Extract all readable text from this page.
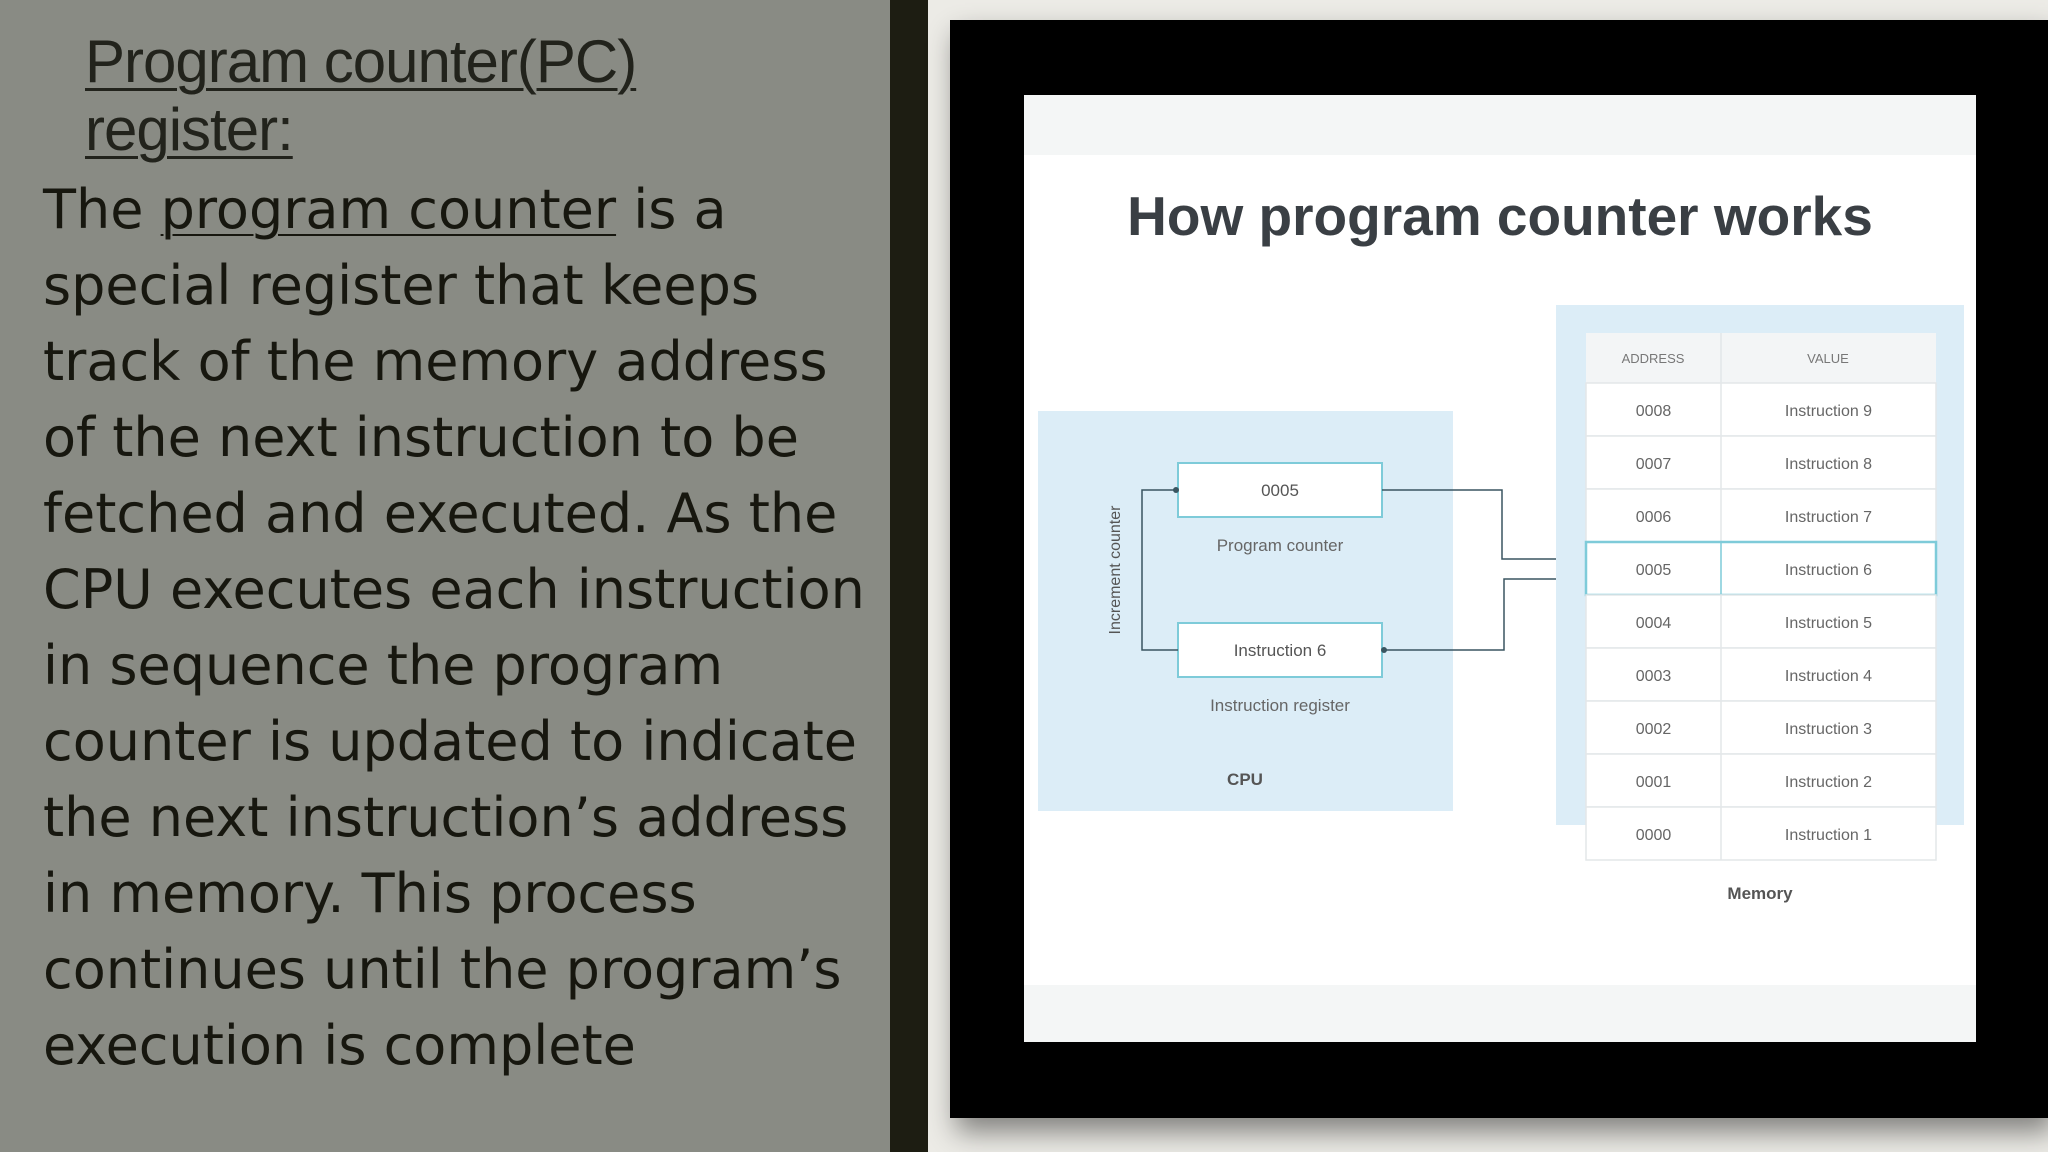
Program counter(PC) register:
The program counter is a special register that keeps track of the memory address of the next instruction to be fetched and executed. As the CPU executes each instruction in sequence the program counter is updated to indicate the next instruction’s address in memory. This process continues until the program’s execution is complete
How program counter works
0005
Program counter
Instruction 6
Instruction register
Increment counter
CPU
ADDRESS	VALUE
0008	Instruction 9
0007	Instruction 8
0006	Instruction 7
0005	Instruction 6
0004	Instruction 5
0003	Instruction 4
0002	Instruction 3
0001	Instruction 2
0000	Instruction 1
Memory
